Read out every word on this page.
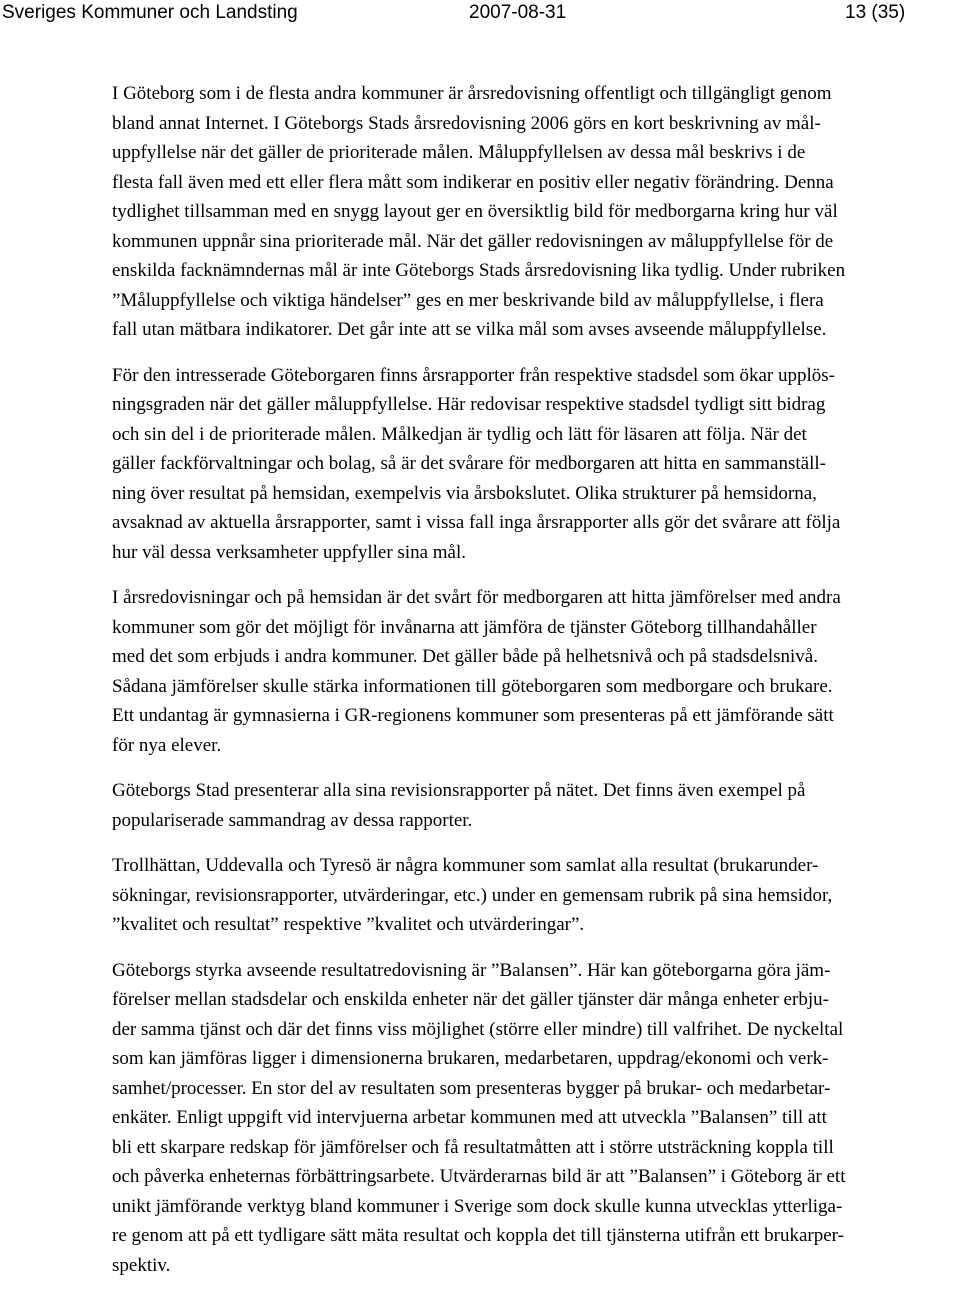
Sveriges Kommuner och Landsting	2007-08-31	13 (35)

I Göteborg som i de flesta andra kommuner är årsredovisning offentligt och tillgängligt genom
bland annat Internet. I Göteborgs Stads årsredovisning 2006 görs en kort beskrivning av mål-
uppfyllelse när det gäller de prioriterade målen. Måluppfyllelsen av dessa mål beskrivs i de
flesta fall även med ett eller flera mått som indikerar en positiv eller negativ förändring. Denna
tydlighet tillsamman med en snygg layout ger en översiktlig bild för medborgarna kring hur väl
kommunen uppnår sina prioriterade mål. När det gäller redovisningen av måluppfyllelse för de
enskilda facknämndernas mål är inte Göteborgs Stads årsredovisning lika tydlig. Under rubriken
”Måluppfyllelse och viktiga händelser” ges en mer beskrivande bild av måluppfyllelse, i flera
fall utan mätbara indikatorer. Det går inte att se vilka mål som avses avseende måluppfyllelse.

För den intresserade Göteborgaren finns årsrapporter från respektive stadsdel som ökar upplös-
ningsgraden när det gäller måluppfyllelse. Här redovisar respektive stadsdel tydligt sitt bidrag
och sin del i de prioriterade målen. Målkedjan är tydlig och lätt för läsaren att följa. När det
gäller fackförvaltningar och bolag, så är det svårare för medborgaren att hitta en sammanställ-
ning över resultat på hemsidan, exempelvis via årsbokslutet. Olika strukturer på hemsidorna,
avsaknad av aktuella årsrapporter, samt i vissa fall inga årsrapporter alls gör det svårare att följa
hur väl dessa verksamheter uppfyller sina mål.

I årsredovisningar och på hemsidan är det svårt för medborgaren att hitta jämförelser med andra
kommuner som gör det möjligt för invånarna att jämföra de tjänster Göteborg tillhandahåller
med det som erbjuds i andra kommuner. Det gäller både på helhetsnivå och på stadsdelsnivå.
Sådana jämförelser skulle stärka informationen till göteborgaren som medborgare och brukare.
Ett undantag är gymnasierna i GR-regionens kommuner som presenteras på ett jämförande sätt
för nya elever.

Göteborgs Stad presenterar alla sina revisionsrapporter på nätet. Det finns även exempel på
populariserade sammandrag av dessa rapporter.

Trollhättan, Uddevalla och Tyresö är några kommuner som samlat alla resultat (brukarunder-
sökningar, revisionsrapporter, utvärderingar, etc.) under en gemensam rubrik på sina hemsidor,
”kvalitet och resultat” respektive ”kvalitet och utvärderingar”.

Göteborgs styrka avseende resultatredovisning är ”Balansen”. Här kan göteborgarna göra jäm-
förelser mellan stadsdelar och enskilda enheter när det gäller tjänster där många enheter erbju-
der samma tjänst och där det finns viss möjlighet (större eller mindre) till valfrihet. De nyckeltal
som kan jämföras ligger i dimensionerna brukaren, medarbetaren, uppdrag/ekonomi och verk-
samhet/processer. En stor del av resultaten som presenteras bygger på brukar- och medarbetar-
enkäter. Enligt uppgift vid intervjuerna arbetar kommunen med att utveckla ”Balansen” till att
bli ett skarpare redskap för jämförelser och få resultatmåtten att i större utsträckning koppla till
och påverka enheternas förbättringsarbete. Utvärderarnas bild är att ”Balansen” i Göteborg är ett
unikt jämförande verktyg bland kommuner i Sverige som dock skulle kunna utvecklas ytterliga-
re genom att på ett tydligare sätt mäta resultat och koppla det till tjänsterna utifrån ett brukarper-
spektiv.
